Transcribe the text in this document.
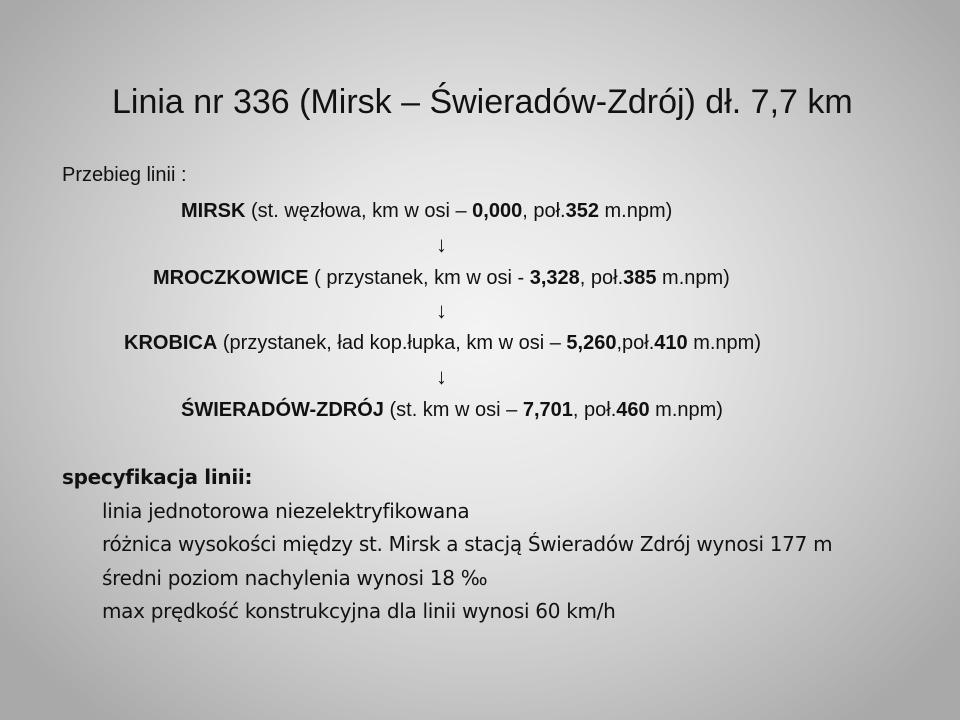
Linia nr 336 (Mirsk – Świeradów-Zdrój) dł. 7,7 km
Przebieg linii :
MIRSK (st. węzłowa, km w osi – 0,000, poł.352 m.npm)
↓
MROCZKOWICE ( przystanek, km w osi - 3,328, poł.385 m.npm)
↓
KROBICA (przystanek, ład kop.łupka, km w osi – 5,260,poł.410 m.npm)
↓
ŚWIERADÓW-ZDRÓJ (st. km w osi – 7,701, poł.460 m.npm)
specyfikacja linii:
linia jednotorowa niezelektryfikowana
różnica wysokości między st. Mirsk a stacją Świeradów Zdrój wynosi 177 m
średni poziom nachylenia wynosi 18 ‰
max prędkość konstrukcyjna dla linii wynosi 60 km/h
